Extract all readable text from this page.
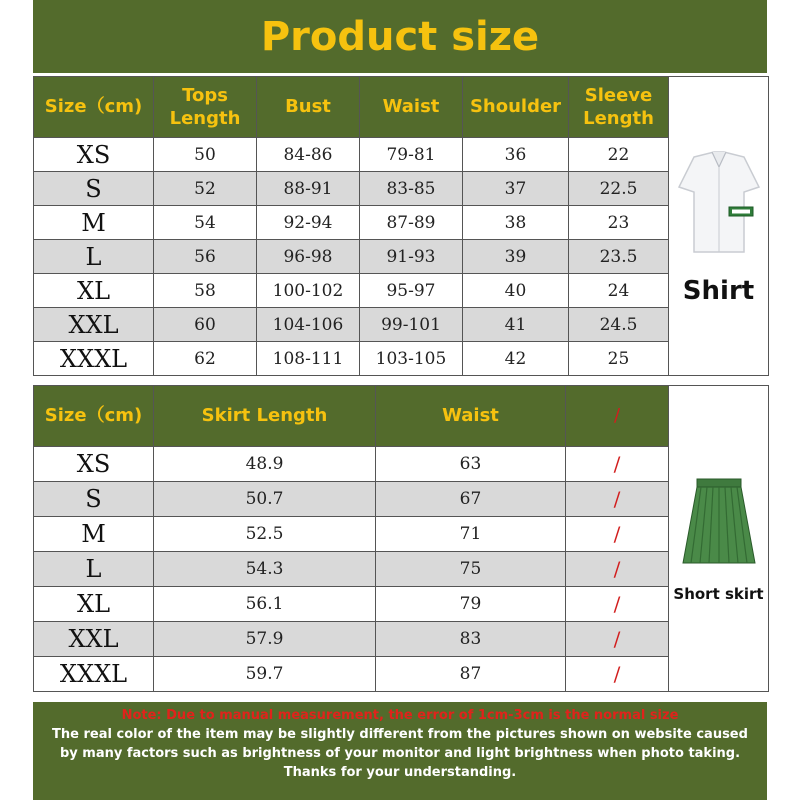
Product size
Size（cm)	Tops Length	Bust	Waist	Shoulder	Sleeve Length	Shirt

XS	50	84-86	79-81	36	22	
S	52	88-91	83-85	37	22.5	
M	54	92-94	87-89	38	23	
L	56	96-98	91-93	39	23.5	
XL	58	100-102	95-97	40	24	
XXL	60	104-106	99-101	41	24.5	
XXXL	62	108-111	103-105	42	25	
Size（cm)	Skirt Length	Waist	/	Short skirt

XS	48.9	63	/	
S	50.7	67	/	
M	52.5	71	/	
L	54.3	75	/	
XL	56.1	79	/	
XXL	57.9	83	/	
XXXL	59.7	87	/	
Note: Due to manual measurement, the error of 1cm-3cm is the normal size
The real color of the item may be slightly different from the pictures shown on website caused
by many factors such as brightness of your monitor and light brightness when photo taking.
Thanks for your understanding.
